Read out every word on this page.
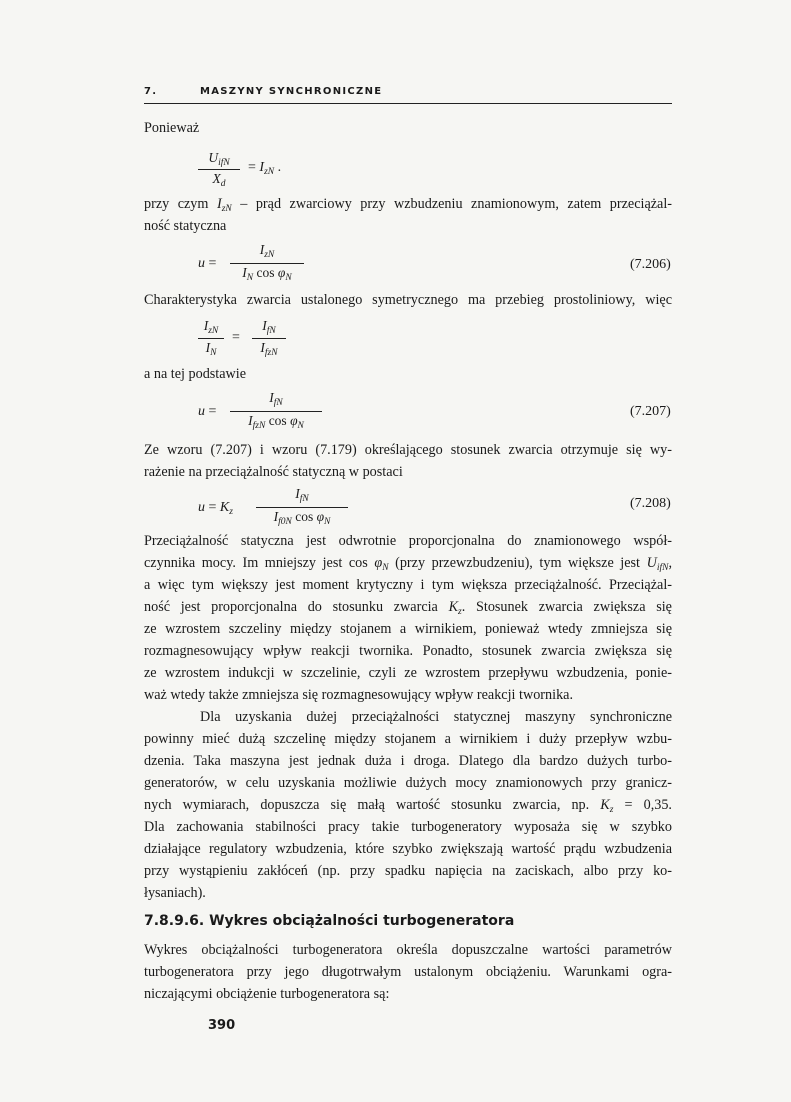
7.	MASZYNY SYNCHRONICZNE
Ponieważ
$U_{ifN}$
$X_d$
= $I_{zN}$ .
przy czym $I_{zN}$ – prąd zwarciowy przy wzbudzeniu znamionowym, zatem przeciążal-
ność statyczna
u =
$I_{zN}$
$I_N$ $\cos \varphi_N$
(7.206)
Charakterystyka zwarcia ustalonego symetrycznego ma przebieg prostoliniowy, więc
$I_{zN}$
$I_N$
=
$I_{fN}$
$I_{fzN}$
a na tej podstawie
u =
$I_{fN}$
$I_{fzN}$ $\cos \varphi_N$
(7.207)
Ze wzoru (7.207) i wzoru (7.179) określającego stosunek zwarcia otrzymuje się wy-
rażenie na przeciążalność statyczną w postaci
$u = K_z$
$I_{fN}$
$I_{f0N}$ $\cos \varphi_N$
(7.208)
Przeciążalność statyczna jest odwrotnie proporcjonalna do znamionowego współ-
czynnika mocy. Im mniejszy jest $\cos \varphi_N$ (przy przewzbudzeniu), tym większe jest $U_{ifN}$,
a więc tym większy jest moment krytyczny i tym większa przeciążalność. Przeciążal-
ność jest proporcjonalna do stosunku zwarcia $K_z$. Stosunek zwarcia zwiększa się
ze wzrostem szczeliny między stojanem a wirnikiem, ponieważ wtedy zmniejsza się
rozmagnesowujący wpływ reakcji twornika. Ponadto, stosunek zwarcia zwiększa się
ze wzrostem indukcji w szczelinie, czyli ze wzrostem przepływu wzbudzenia, ponie-
waż wtedy także zmniejsza się rozmagnesowujący wpływ reakcji twornika.
Dla uzyskania dużej przeciążalności statycznej maszyny synchroniczne
powinny mieć dużą szczelinę między stojanem a wirnikiem i duży przepływ wzbu-
dzenia. Taka maszyna jest jednak duża i droga. Dlatego dla bardzo dużych turbo-
generatorów, w celu uzyskania możliwie dużych mocy znamionowych przy granicz-
nych wymiarach, dopuszcza się małą wartość stosunku zwarcia, np. $K_z = 0,35$.
Dla zachowania stabilności pracy takie turbogeneratory wyposaża się w szybko
działające regulatory wzbudzenia, które szybko zwiększają wartość prądu wzbudzenia
przy wystąpieniu zakłóceń (np. przy spadku napięcia na zaciskach, albo przy ko-
łysaniach).
7.8.9.6. Wykres obciążalności turbogeneratora
Wykres obciążalności turbogeneratora określa dopuszczalne wartości parametrów
turbogeneratora przy jego długotrwałym ustalonym obciążeniu. Warunkami ogra-
niczającymi obciążenie turbogeneratora są:
390
